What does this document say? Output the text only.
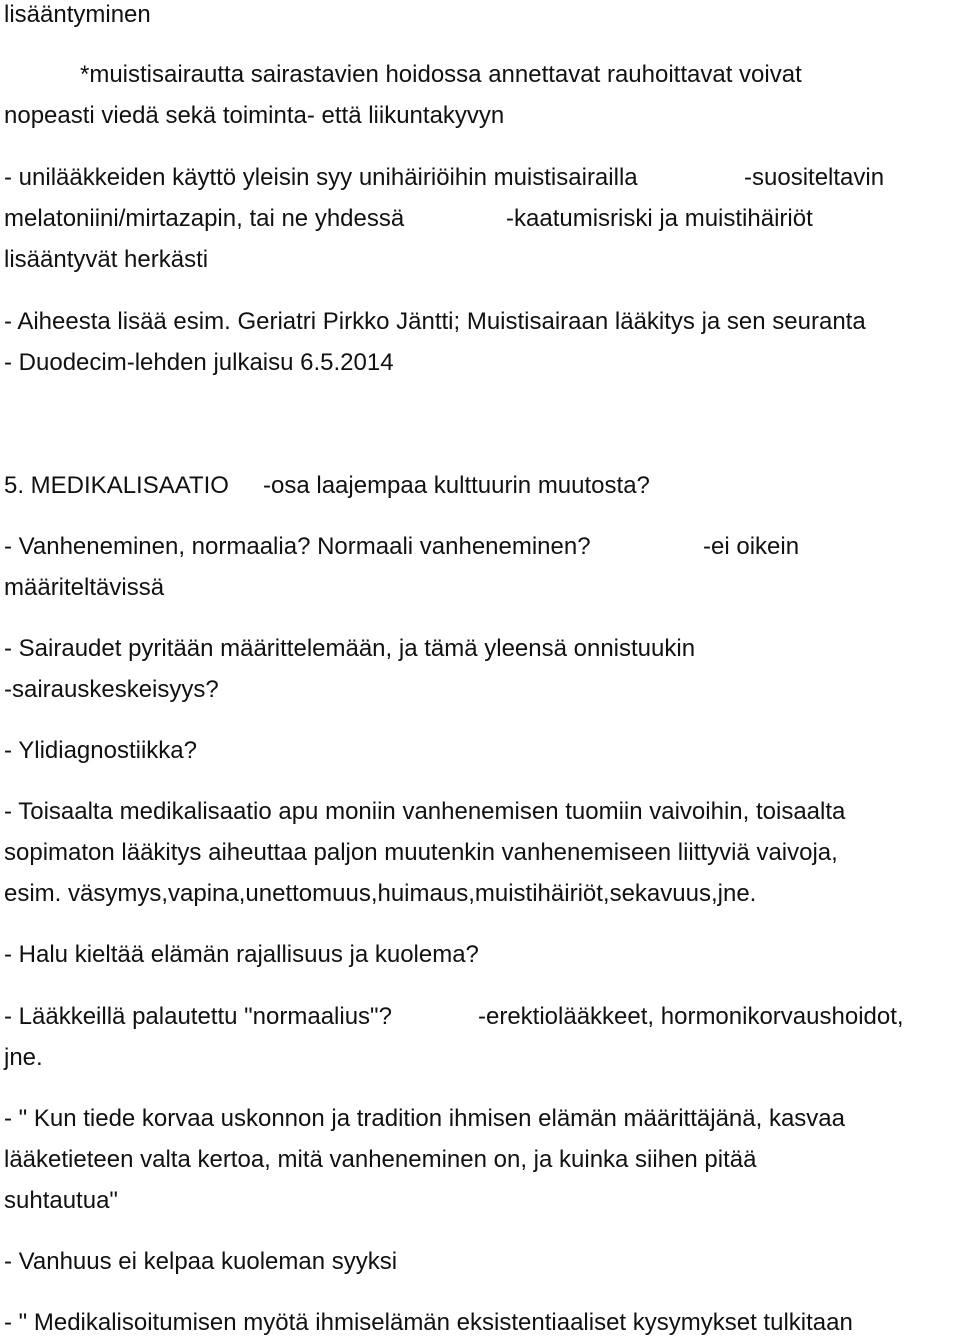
lisääntyminen
*muistisairautta sairastavien hoidossa annettavat rauhoittavat voivat
nopeasti viedä sekä toiminta- että liikuntakyvyn
- unilääkkeiden käyttö yleisin syy unihäiriöihin muistisairailla	-suositeltavin
melatoniini/mirtazapin, tai ne yhdessä	-kaatumisriski ja muistihäiriöt
lisääntyvät herkästi
- Aiheesta lisää esim. Geriatri Pirkko Jäntti; Muistisairaan lääkitys ja sen seuranta
- Duodecim-lehden julkaisu 6.5.2014
5. MEDIKALISAATIO -osa laajempaa kulttuurin muutosta?
- Vanheneminen, normaalia? Normaali vanheneminen?	-ei oikein
määriteltävissä
- Sairaudet pyritään määrittelemään, ja tämä yleensä onnistuukin
-sairauskeskeisyys?
- Ylidiagnostiikka?
- Toisaalta medikalisaatio apu moniin vanhenemisen tuomiin vaivoihin, toisaalta
sopimaton lääkitys aiheuttaa paljon muutenkin vanhenemiseen liittyviä vaivoja,
esim. väsymys,vapina,unettomuus,huimaus,muistihäiriöt,sekavuus,jne.
- Halu kieltää elämän rajallisuus ja kuolema?
- Lääkkeillä palautettu "normaalius"?	-erektiolääkkeet, hormonikorvaushoidot,
jne.
- " Kun tiede korvaa uskonnon ja tradition ihmisen elämän määrittäjänä, kasvaa
lääketieteen valta kertoa, mitä vanheneminen on, ja kuinka siihen pitää
suhtautua"
- Vanhuus ei kelpaa kuoleman syyksi
- " Medikalisoitumisen myötä ihmiselämän eksistentiaaliset kysymykset tulkitaan
